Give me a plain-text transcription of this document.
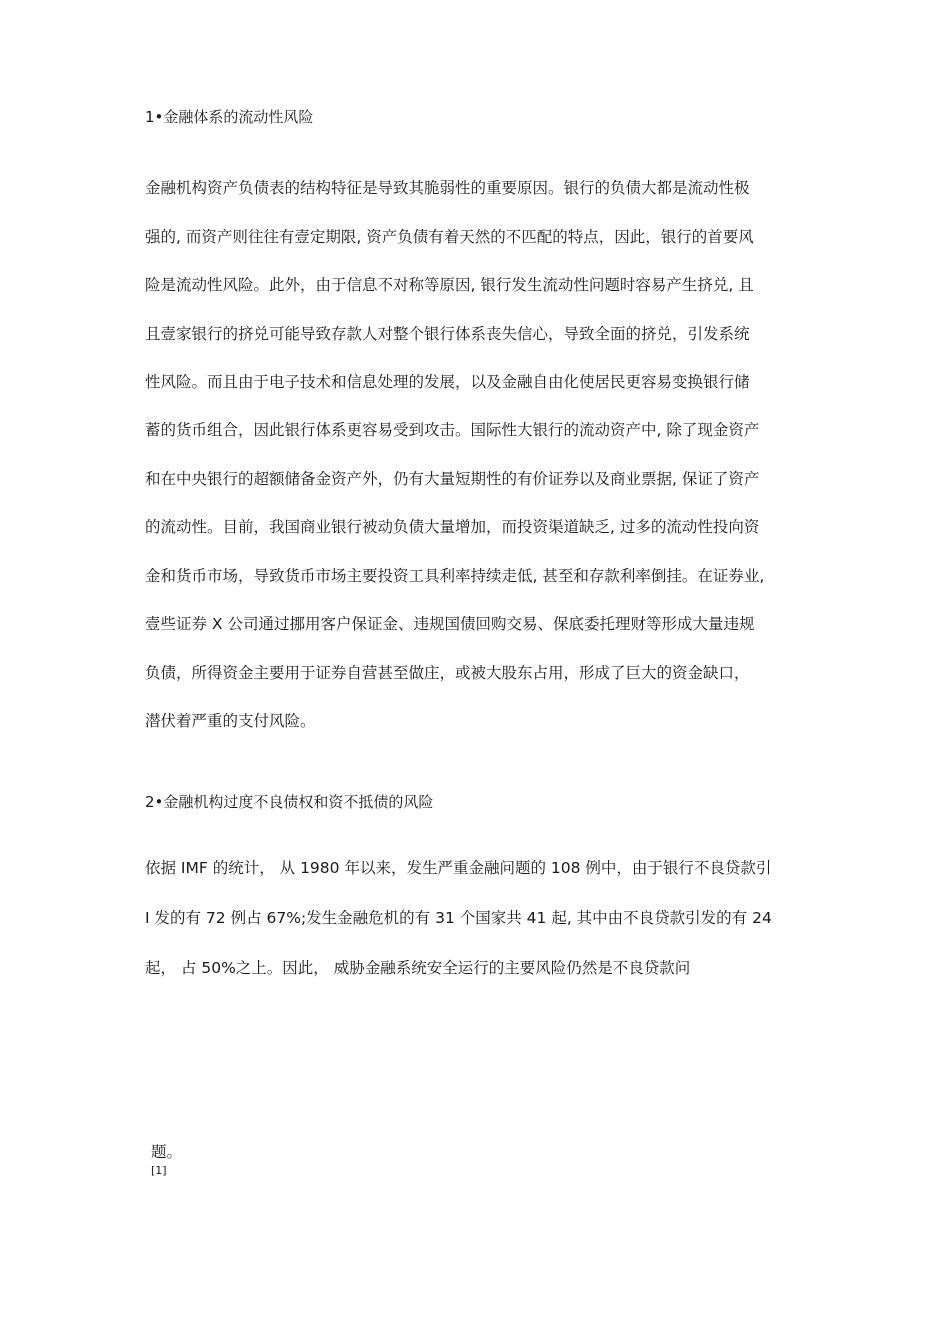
1•金融体系的流动性风险
金融机构资产负债表的结构特征是导致其脆弱性的重要原因。银行的负债大都是流动性极
强的, 而资产则往往有壹定期限, 资产负债有着天然的不匹配的特点，因此，银行的首要风
险是流动性风险。此外，由于信息不对称等原因, 银行发生流动性问题时容易产生挤兑, 且
且壹家银行的挤兑可能导致存款人对整个银行体系丧失信心，导致全面的挤兑，引发系统
性风险。而且由于电子技术和信息处理的发展，以及金融自由化使居民更容易变换银行储
蓄的货币组合，因此银行体系更容易受到攻击。国际性大银行的流动资产中, 除了现金资产
和在中央银行的超额储备金资产外，仍有大量短期性的有价证券以及商业票据, 保证了资产
的流动性。目前，我国商业银行被动负债大量增加，而投资渠道缺乏, 过多的流动性投向资
金和货币市场，导致货币市场主要投资工具利率持续走低, 甚至和存款利率倒挂。在证券业,
壹些证券 X 公司通过挪用客户保证金、违规国债回购交易、保底委托理财等形成大量违规
负债，所得资金主要用于证券自营甚至做庄，或被大股东占用，形成了巨大的资金缺口，
潜伏着严重的支付风险。
2•金融机构过度不良债权和资不抵债的风险
依据 IMF 的统计， 从 1980 年以来，发生严重金融问题的 108 例中，由于银行不良贷款引
I 发的有 72 例占 67%;发生金融危机的有 31 个国家共 41 起, 其中由不良贷款引发的有 24
起， 占 50%之上。因此， 威胁金融系统安全运行的主要风险仍然是不良贷款问
题。
[1]
